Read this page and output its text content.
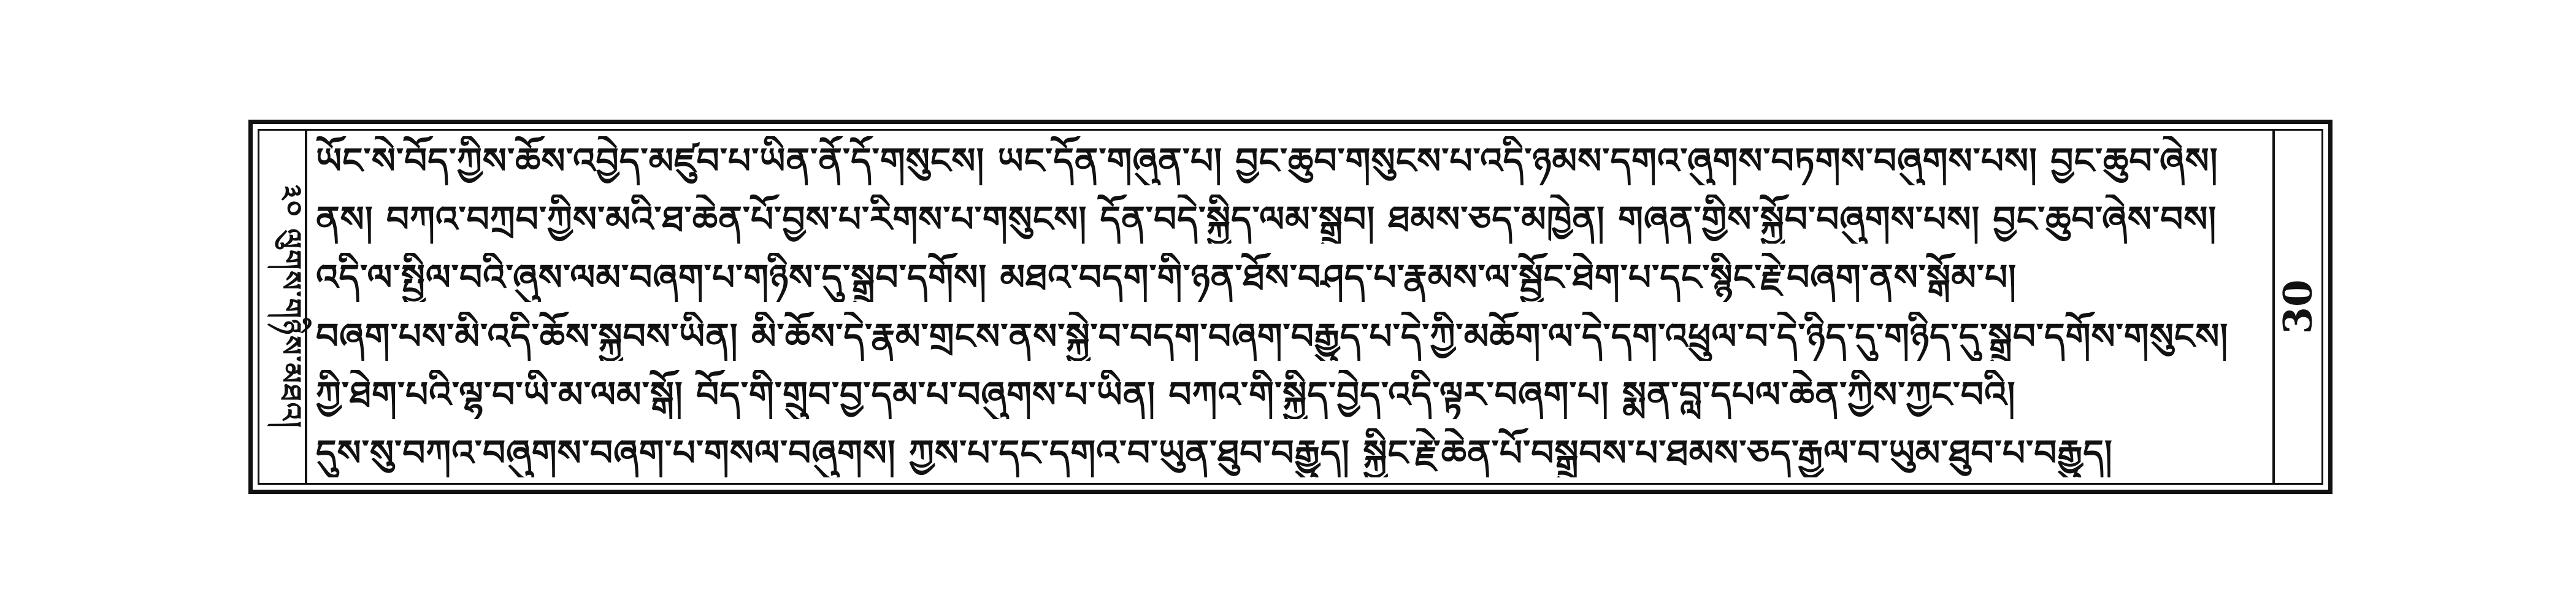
༣༠ ལུགས་གཉིས་མཐའ།	30
ཡོང་སེ་བོད་ཀྱིས་ཆོས་འབྱེད་མཛུབ་པ་ཡིན་ནོ་དོ་གསུངས། ཡང་དོན་གཞུན་པ། བྱང་ཆུབ་གསུངས་པ་འདི་ཉམས་དགའ་ཞུགས་བཏགས་བཞུགས་པས། བྱང་ཆུབ་ཞེས།
ནས། བཀའ་བཀྲབ་ཀྱིས་མའི་ཐ་ཆེན་པོ་བྱས་པ་རིགས་པ་གསུངས། དོན་བདེ་སྐྱིད་ལམ་སྒྲུབ། ཐམས་ཅད་མཁྱེན། གཞན་གྱིས་སྐྱོབ་བཞུགས་པས། བྱང་ཆུབ་ཞེས་བས།
འདི་ལ་སྤྱིལ་བའི་ཞུས་ལམ་བཞག་པ་གཉིས་དུ་སྒྲུབ་དགོས། མཐའ་བདག་གི་ཉན་ཐོས་བཤད་པ་རྣམས་ལ་སྦྱོང་ཐེག་པ་དང་སྙིང་རྗེ་བཞག་ནས་སྒོམ་པ།
བཞག་པས་མི་འདི་ཆོས་སྐྱབས་ཡིན། མི་ཆོས་དེ་རྣམ་གྲངས་ནས་སྐྱེ་བ་བདག་བཞག་བརྒྱུད་པ་དེ་ཀྱི་མཆོག་ལ་དེ་དག་འཕྲུལ་བ་དེ་ཉིད་དུ་གཉིད་དུ་སྒྲུབ་དགོས་གསུངས།
ཀྱི་ཐེག་པའི་ལྷ་བ་ཡི་མ་ལམ་སྒོ། བོད་གི་གྲུབ་བྱ་དམ་པ་བཞུགས་པ་ཡིན། བཀའ་གི་སྐྱིད་བྱེད་འདི་ལྟར་བཞག་པ། སྨན་བླ་དཔལ་ཆེན་ཀྱིས་ཀྱང་བའི།
དུས་སུ་བཀའ་བཞུགས་བཞག་པ་གསལ་བཞུགས། ཀྱས་པ་དང་དགའ་བ་ཡུན་ཐུབ་བརྒྱུད། སྐྱིང་རྗེ་ཆེན་པོ་བསྒྲུབས་པ་ཐམས་ཅད་རྒྱལ་བ་ཡུམ་ཐུབ་པ་བརྒྱུད།
